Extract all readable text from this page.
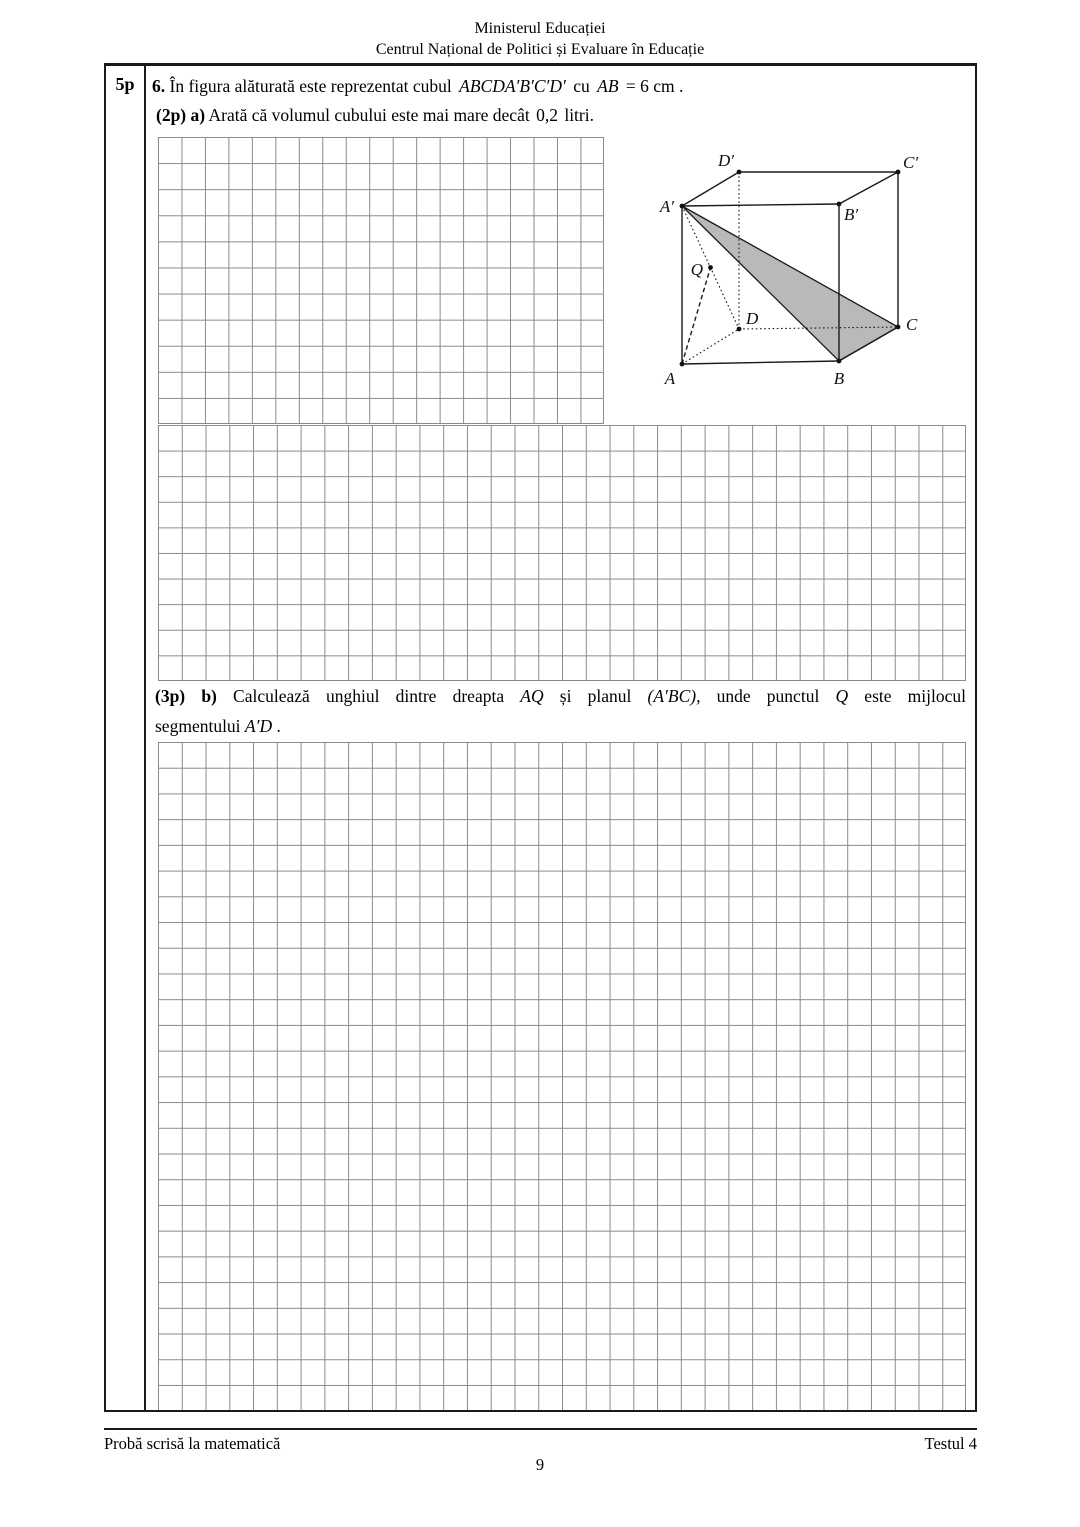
Ministerul Educației
Centrul Național de Politici și Evaluare în Educație
5p	6. În figura alăturată este reprezentat cubul ABCDA′B′C′D′ cu AB = 6 cm .
(2p) a) Arată că volumul cubului este mai mare decât 0,2 litri.
A′	B′
C′
D′
A	B
C
D
Q
(3p) b) Calculează unghiul dintre dreapta AQ și planul (A′BC), unde punctul Q este mijlocul
segmentului A′D .
Probă scrisă la matematică	Testul 4
9
